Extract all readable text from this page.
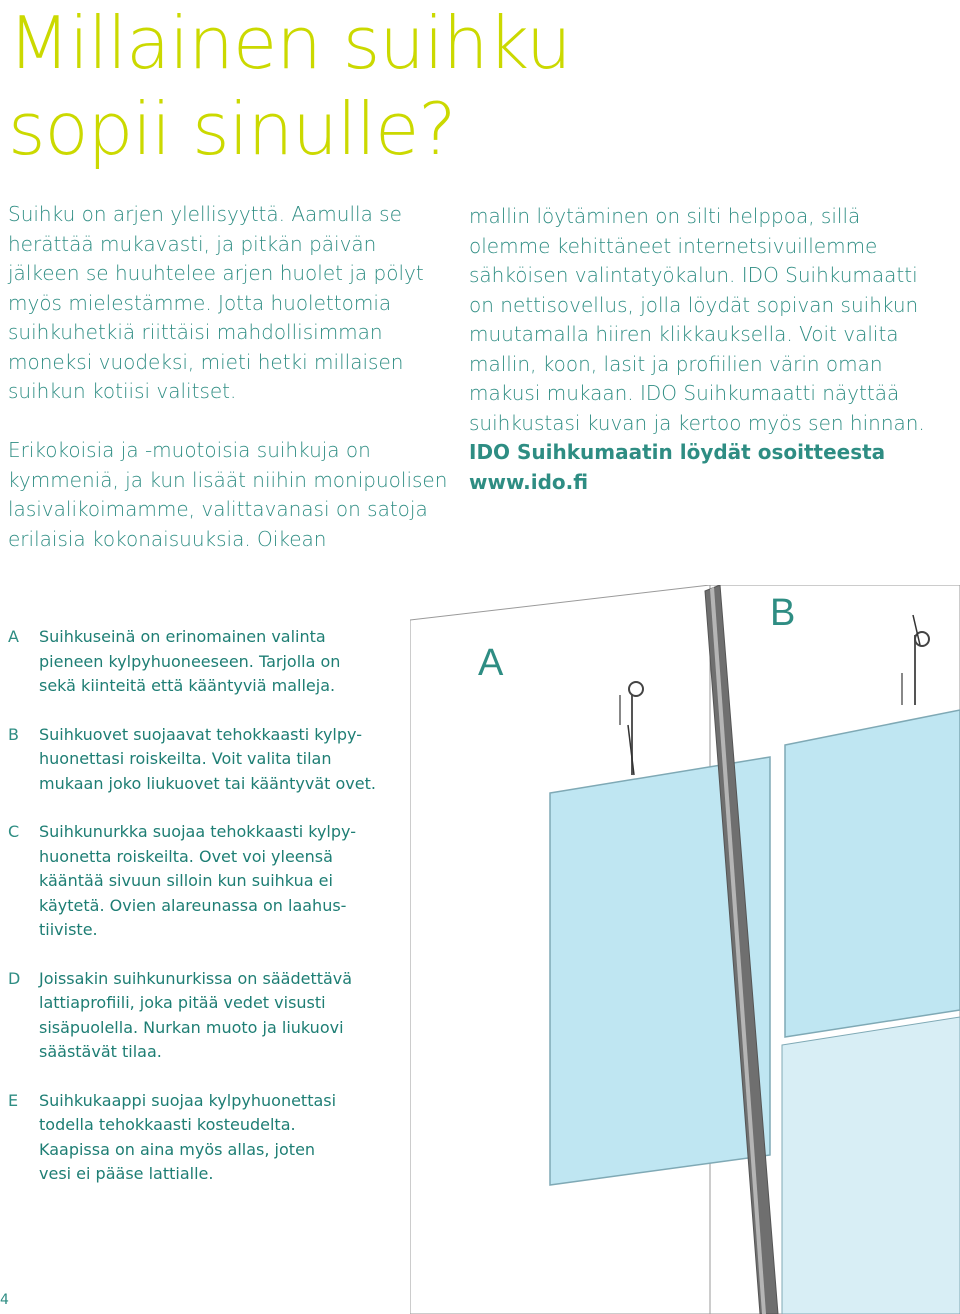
Millainen suihku
sopii sinulle?

Suihku on arjen ylellisyyttä. Aamulla se herättää mukavasti, ja pitkän päivän jälkeen se huuhtelee arjen huolet ja pölyt myös mielestämme. Jotta huolettomia suihkuhetkiä riittäisi mahdollisimman moneksi vuodeksi, mieti hetki millaisen suihkun kotiisi valitset.

Erikokoisia ja -muotoisia suihkuja on kymmeniä, ja kun lisäät niihin monipuolisen lasivalikoimamme, valittavanasi on satoja erilaisia kokonaisuuksia. Oikean

mallin löytäminen on silti helppoa, sillä olemme kehittäneet internetsivuillemme sähköisen valintatyökalun. IDO Suihkumaatti on nettisovellus, jolla löydät sopivan suihkun muutamalla hiiren klikkauksella. Voit valita mallin, koon, lasit ja profiilien värin oman makusi mukaan. IDO Suihkumaatti näyttää suihkustasi kuvan ja kertoo myös sen hinnan. IDO Suihkumaatin löydät osoitteesta www.ido.fi

A	Suihkuseinä on erinomainen valinta
pieneen kylpyhuoneeseen. Tarjolla on
sekä kiinteitä että kääntyviä malleja.
B	Suihkuovet suojaavat tehokkaasti kylpy-
huonettasi roiskeilta. Voit valita tilan
mukaan joko liukuovet tai kääntyvät ovet.
C	Suihkunurkka suojaa tehokkaasti kylpy-
huonetta roiskeilta. Ovet voi yleensä
kääntää sivuun silloin kun suihkua ei
käytetä. Ovien alareunassa on laahus-
tiiviste.
D	Joissakin suihkunurkissa on säädettävä
lattiaprofiili, joka pitää vedet visusti
sisäpuolella. Nurkan muoto ja liukuovi
säästävät tilaa.
E	Suihkukaappi suojaa kylpyhuonettasi
todella tehokkaasti kosteudelta.
Kaapissa on aina myös allas, joten
vesi ei pääse lattialle.
A
B
4
